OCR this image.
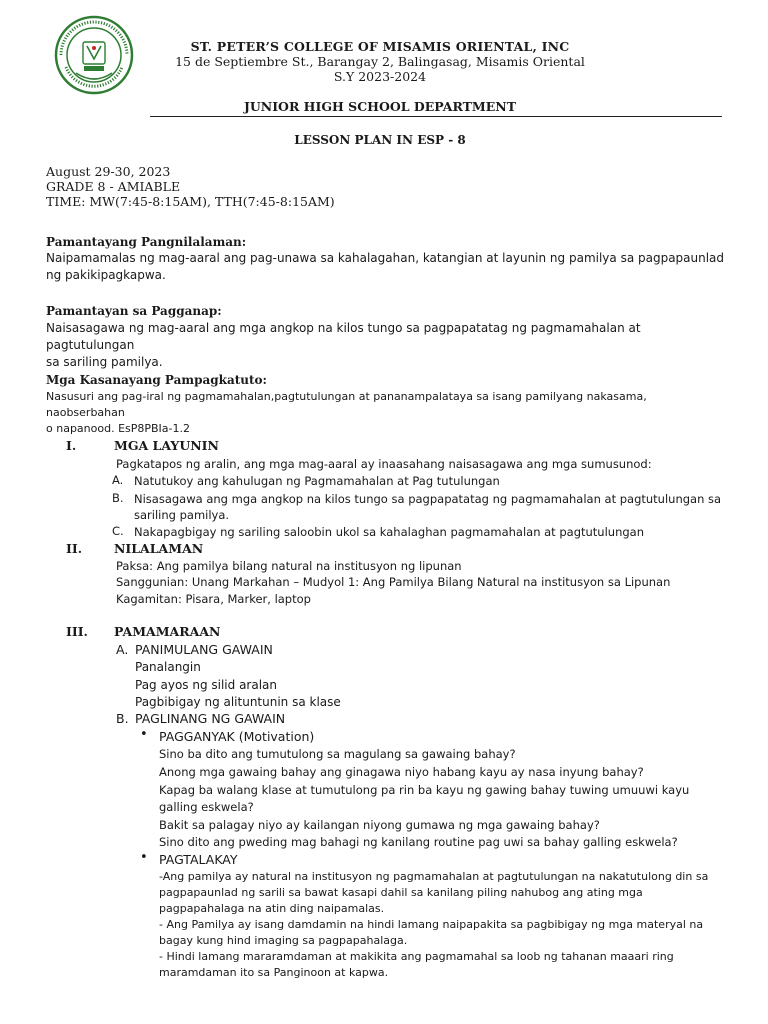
ST. PETER’S COLLEGE OF MISAMIS ORIENTAL, INC
15 de Septiembre St., Barangay 2, Balingasag, Misamis Oriental
S.Y 2023-2024
JUNIOR HIGH SCHOOL DEPARTMENT
LESSON PLAN IN ESP - 8
August 29-30, 2023
GRADE 8 - AMIABLE
TIME: MW(7:45-8:15AM), TTH(7:45-8:15AM)
Pamantayang Pangnilalaman:
Naipamamalas ng mag-aaral ang pag-unawa sa kahalagahan, katangian at layunin ng pamilya sa pagpapaunlad
ng pakikipagkapwa.
Pamantayan sa Pagganap:
Naisasagawa ng mag-aaral ang mga angkop na kilos tungo sa pagpapatatag ng pagmamahalan at pagtutulungan
sa sariling pamilya.
Mga Kasanayang Pampagkatuto:
Nasusuri ang pag-iral ng pagmamahalan,pagtutulungan at pananampalataya sa isang pamilyang nakasama, naobserbahan
o napanood. EsP8PBIa-1.2
I.	MGA LAYUNIN
Pagkatapos ng aralin, ang mga mag-aaral ay inaasahang naisasagawa ang mga sumusunod:
A. Natutukoy ang kahulugan ng Pagmamahalan at Pag tutulungan
B. Nisasagawa ang mga angkop na kilos tungo sa pagpapatatag ng pagmamahalan at pagtutulungan sa
sariling pamilya.
C. Nakapagbigay ng sariling saloobin ukol sa kahalaghan pagmamahalan at pagtutulungan
II.	NILALAMAN
Paksa: Ang pamilya bilang natural na institusyon ng lipunan
Sanggunian: Unang Markahan – Mudyol 1: Ang Pamilya Bilang Natural na institusyon sa Lipunan
Kagamitan: Pisara, Marker, laptop
III. PAMAMARAAN
A. PANIMULANG GAWAIN
Panalangin
Pag ayos ng silid aralan
Pagbibigay ng alituntunin sa klase
B. PAGLINANG NG GAWAIN
• PAGGANYAK (Motivation)
Sino ba dito ang tumutulong sa magulang sa gawaing bahay?
Anong mga gawaing bahay ang ginagawa niyo habang kayu ay nasa inyung bahay?
Kapag ba walang klase at tumutulong pa rin ba kayu ng gawing bahay tuwing umuuwi kayu
galling eskwela?
Bakit sa palagay niyo ay kailangan niyong gumawa ng mga gawaing bahay?
Sino dito ang pweding mag bahagi ng kanilang routine pag uwi sa bahay galling eskwela?
• PAGTALAKAY
-Ang pamilya ay natural na institusyon ng pagmamahalan at pagtutulungan na nakatutulong din sa
pagpapaunlad ng sarili sa bawat kasapi dahil sa kanilang piling nahubog ang ating mga
pagpapahalaga na atin ding naipamalas.
- Ang Pamilya ay isang damdamin na hindi lamang naipapakita sa pagbibigay ng mga materyal na
bagay kung hind imaging sa pagpapahalaga.
- Hindi lamang mararamdaman at makikita ang pagmamahal sa loob ng tahanan maaari ring
maramdaman ito sa Panginoon at kapwa.
